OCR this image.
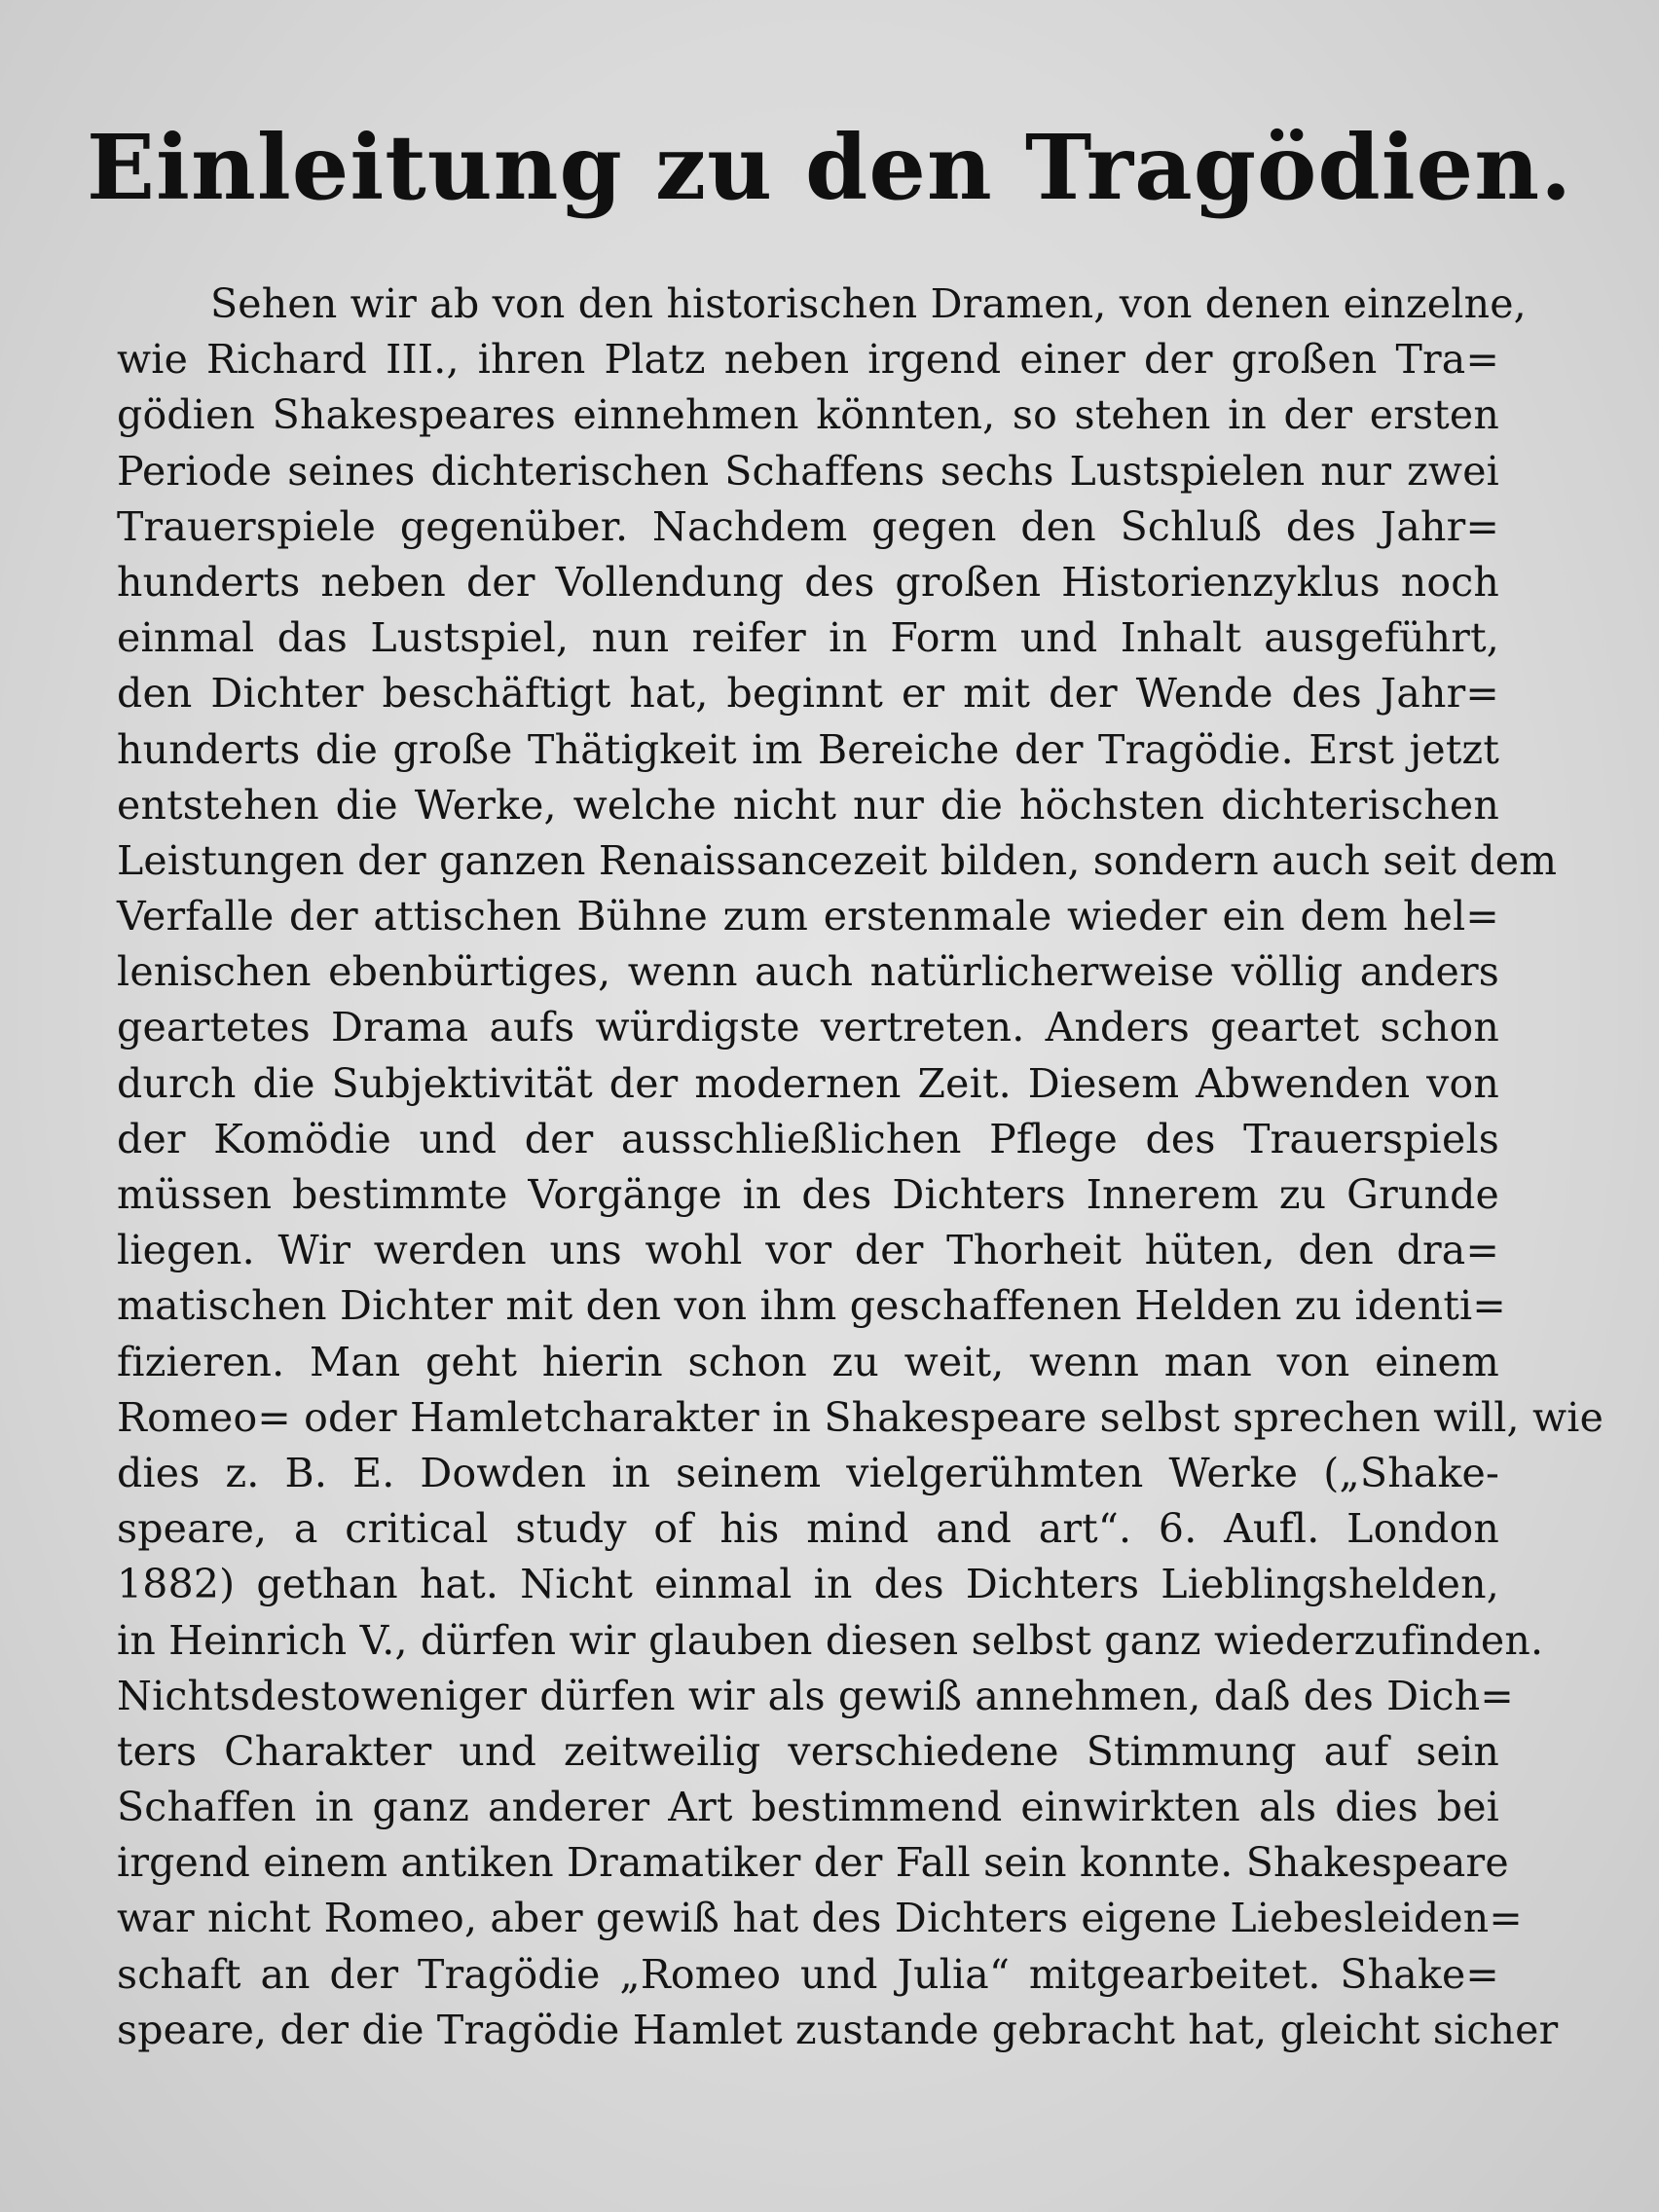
Einleitung zu den Tragödien.
Sehen wir ab von den historischen Dramen, von denen einzelne,
wie Richard III., ihren Platz neben irgend einer der großen Tra=
gödien Shakespeares einnehmen könnten, so stehen in der ersten
Periode seines dichterischen Schaffens sechs Lustspielen nur zwei
Trauerspiele gegenüber. Nachdem gegen den Schluß des Jahr=
hunderts neben der Vollendung des großen Historienzyklus noch
einmal das Lustspiel, nun reifer in Form und Inhalt ausgeführt,
den Dichter beschäftigt hat, beginnt er mit der Wende des Jahr=
hunderts die große Thätigkeit im Bereiche der Tragödie. Erst jetzt
entstehen die Werke, welche nicht nur die höchsten dichterischen
Leistungen der ganzen Renaissancezeit bilden, sondern auch seit dem
Verfalle der attischen Bühne zum erstenmale wieder ein dem hel=
lenischen ebenbürtiges, wenn auch natürlicherweise völlig anders
geartetes Drama aufs würdigste vertreten. Anders geartet schon
durch die Subjektivität der modernen Zeit. Diesem Abwenden von
der Komödie und der ausschließlichen Pflege des Trauerspiels
müssen bestimmte Vorgänge in des Dichters Innerem zu Grunde
liegen. Wir werden uns wohl vor der Thorheit hüten, den dra=
matischen Dichter mit den von ihm geschaffenen Helden zu identi=
fizieren. Man geht hierin schon zu weit, wenn man von einem
Romeo= oder Hamletcharakter in Shakespeare selbst sprechen will, wie
dies z. B. E. Dowden in seinem vielgerühmten Werke („Shake-
speare, a critical study of his mind and art“. 6. Aufl. London
1882) gethan hat. Nicht einmal in des Dichters Lieblingshelden,
in Heinrich V., dürfen wir glauben diesen selbst ganz wiederzufinden.
Nichtsdestoweniger dürfen wir als gewiß annehmen, daß des Dich=
ters Charakter und zeitweilig verschiedene Stimmung auf sein
Schaffen in ganz anderer Art bestimmend einwirkten als dies bei
irgend einem antiken Dramatiker der Fall sein konnte. Shakespeare
war nicht Romeo, aber gewiß hat des Dichters eigene Liebesleiden=
schaft an der Tragödie „Romeo und Julia“ mitgearbeitet. Shake=
speare, der die Tragödie Hamlet zustande gebracht hat, gleicht sicher
